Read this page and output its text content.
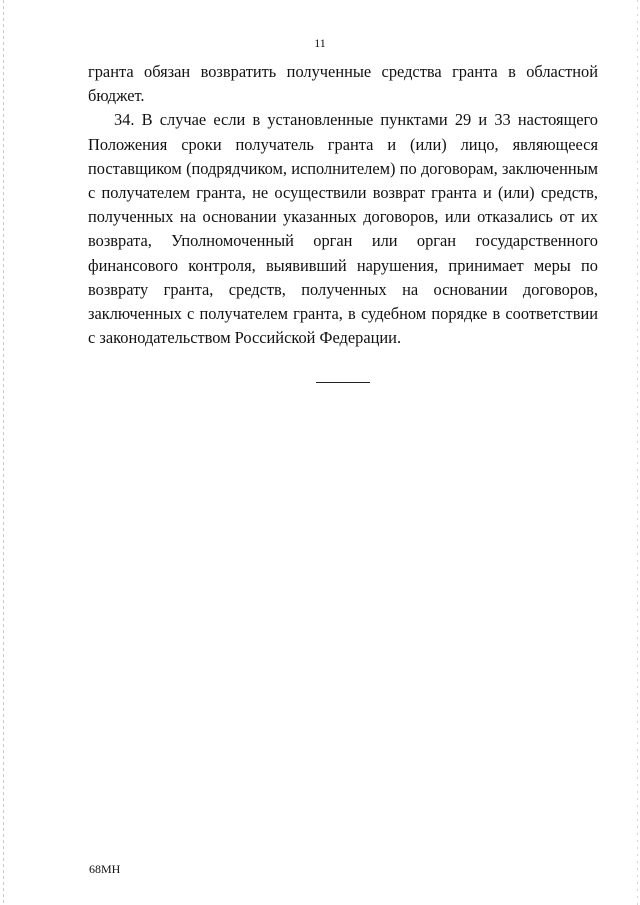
11

гранта обязан возвратить полученные средства гранта в областной бюджет.

34. В случае если в установленные пунктами 29 и 33 настоящего Положения сроки получатель гранта и (или) лицо, являющееся поставщиком (подрядчиком, исполнителем) по договорам, заключенным с получателем гранта, не осуществили возврат гранта и (или) средств, полученных на основании указанных договоров, или отказались от их возврата, Уполномоченный орган или орган государственного финансового контроля, выявивший нарушения, принимает меры по возврату гранта, средств, полученных на основании договоров, заключенных с получателем гранта, в судебном порядке в соответствии с законодательством Российской Федерации.

68МН
